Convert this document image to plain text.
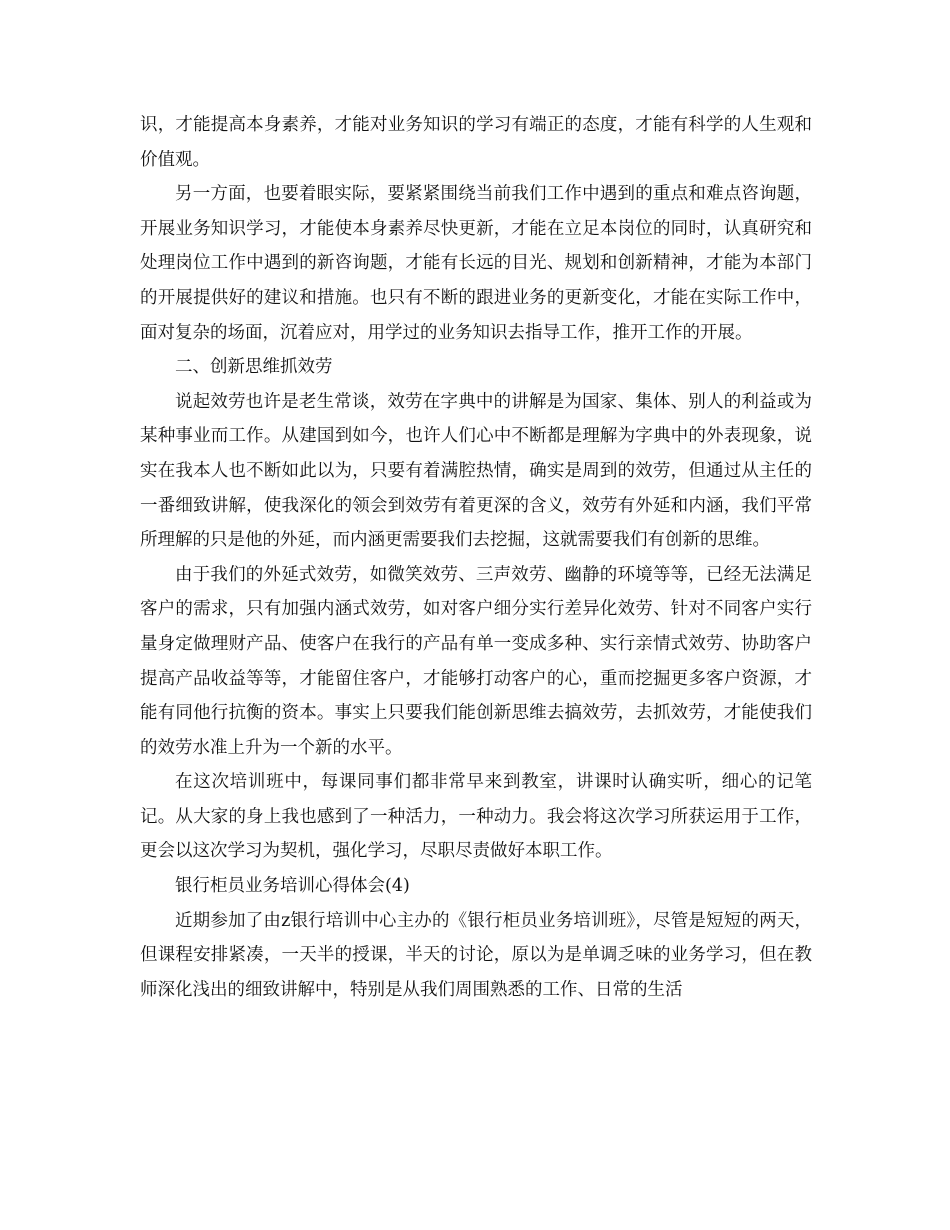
识，才能提高本身素养，才能对业务知识的学习有端正的态度，才能有科学的人生观和价值观。

另一方面，也要着眼实际，要紧紧围绕当前我们工作中遇到的重点和难点咨询题，开展业务知识学习，才能使本身素养尽快更新，才能在立足本岗位的同时，认真研究和处理岗位工作中遇到的新咨询题，才能有长远的目光、规划和创新精神，才能为本部门的开展提供好的建议和措施。也只有不断的跟进业务的更新变化，才能在实际工作中，面对复杂的场面，沉着应对，用学过的业务知识去指导工作，推开工作的开展。

二、创新思维抓效劳

说起效劳也许是老生常谈，效劳在字典中的讲解是为国家、集体、别人的利益或为某种事业而工作。从建国到如今，也许人们心中不断都是理解为字典中的外表现象，说实在我本人也不断如此以为，只要有着满腔热情，确实是周到的效劳，但通过从主任的一番细致讲解，使我深化的领会到效劳有着更深的含义，效劳有外延和内涵，我们平常所理解的只是他的外延，而内涵更需要我们去挖掘，这就需要我们有创新的思维。

由于我们的外延式效劳，如微笑效劳、三声效劳、幽静的环境等等，已经无法满足客户的需求，只有加强内涵式效劳，如对客户细分实行差异化效劳、针对不同客户实行量身定做理财产品、使客户在我行的产品有单一变成多种、实行亲情式效劳、协助客户提高产品收益等等，才能留住客户，才能够打动客户的心，重而挖掘更多客户资源，才能有同他行抗衡的资本。事实上只要我们能创新思维去搞效劳，去抓效劳，才能使我们的效劳水准上升为一个新的水平。

在这次培训班中，每课同事们都非常早来到教室，讲课时认确实听，细心的记笔记。从大家的身上我也感到了一种活力，一种动力。我会将这次学习所获运用于工作，更会以这次学习为契机，强化学习，尽职尽责做好本职工作。

银行柜员业务培训心得体会(4)

近期参加了由z银行培训中心主办的《银行柜员业务培训班》，尽管是短短的两天，但课程安排紧凑，一天半的授课，半天的讨论，原以为是单调乏味的业务学习，但在教师深化浅出的细致讲解中，特别是从我们周围熟悉的工作、日常的生活
